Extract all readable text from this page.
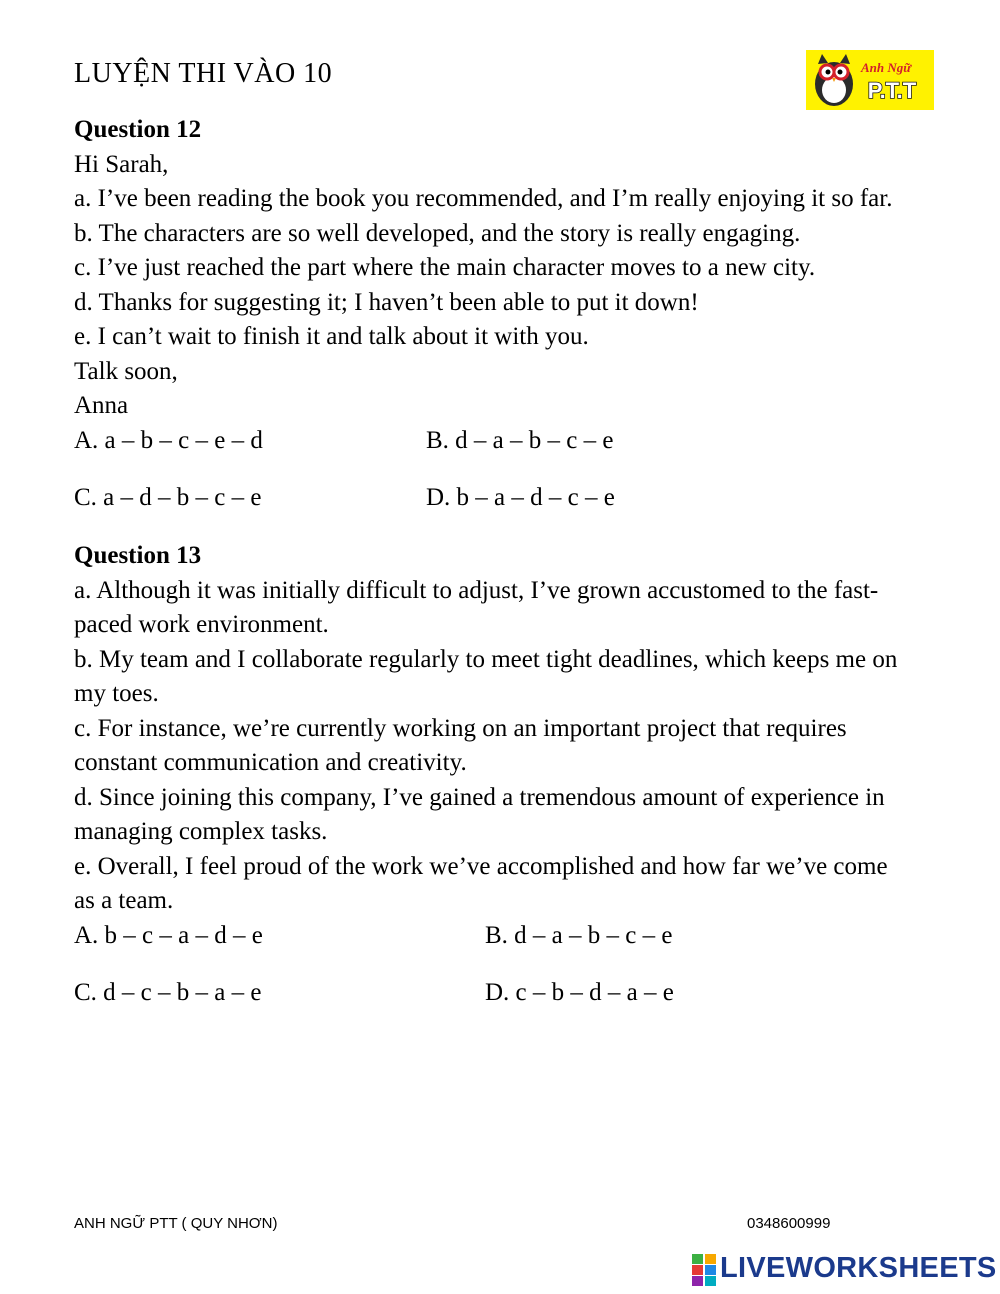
LUYỆN THI VÀO 10	Anh Ngữ
P.T.T
Question 12
Hi Sarah,
a. I’ve been reading the book you recommended, and I’m really enjoying it so far.
b. The characters are so well developed, and the story is really engaging.
c. I’ve just reached the part where the main character moves to a new city.
d. Thanks for suggesting it; I haven’t been able to put it down!
e. I can’t wait to finish it and talk about it with you.
Talk soon,
Anna
A. a – b – c – e – d	B. d – a – b – c – e
C. a – d – b – c – e	D. b – a – d – c – e
Question 13
a. Although it was initially difficult to adjust, I’ve grown accustomed to the fast-
paced work environment.
b. My team and I collaborate regularly to meet tight deadlines, which keeps me on
my toes.
c. For instance, we’re currently working on an important project that requires
constant communication and creativity.
d. Since joining this company, I’ve gained a tremendous amount of experience in
managing complex tasks.
e. Overall, I feel proud of the work we’ve accomplished and how far we’ve come
as a team.
A. b – c – a – d – e	B. d – a – b – c – e
C. d – c – b – a – e	D. c – b – d – a – e
ANH NGỮ PTT ( QUY NHƠN)	0348600999
LIVEWORKSHEETS
